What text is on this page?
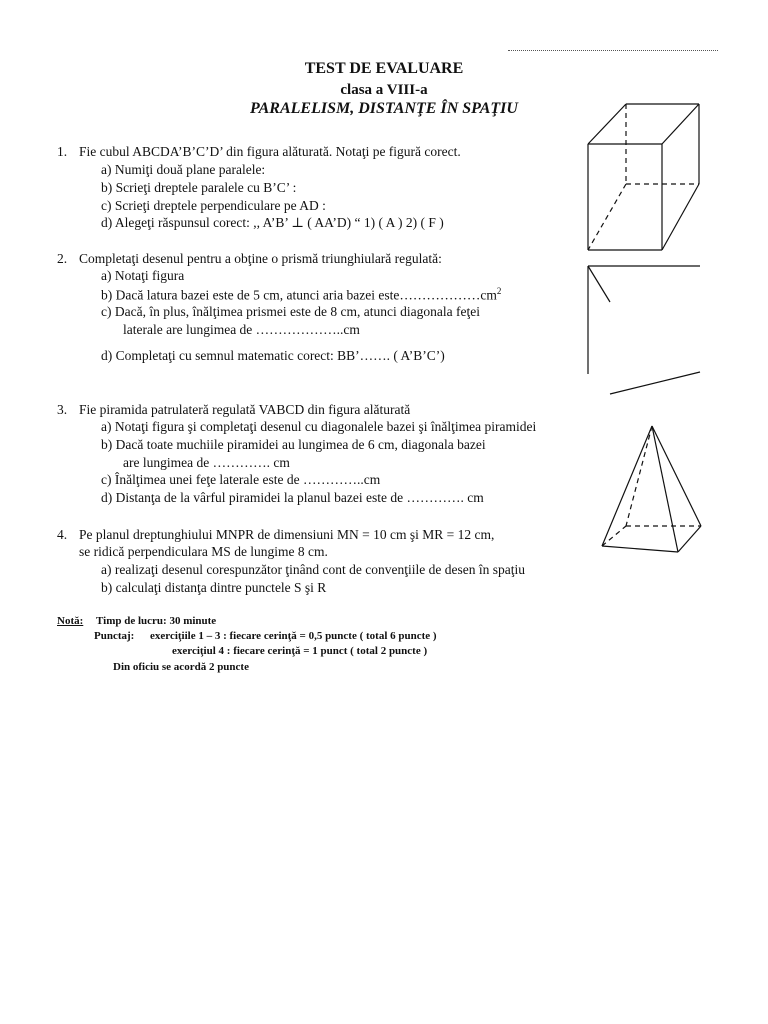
TEST DE EVALUARE
clasa a VIII-a
PARALELISM, DISTANŢE ÎN SPAŢIU
1. Fie cubul ABCDA’B’C’D’ din figura alăturată. Notaţi pe figură corect.
a) Numiţi două plane paralele:
b) Scrieţi dreptele paralele cu B’C’ :
c) Scrieţi dreptele perpendiculare pe AD :
d) Alegeţi răspunsul corect: ,, A’B’ ⊥ ( AA’D) “ 1) ( A ) 2) ( F )
2. Completaţi desenul pentru a obţine o prismă triunghiulară regulată:
a) Notaţi figura
b) Dacă latura bazei este de 5 cm, atunci aria bazei $este\dots\dots\dots\dots\dots\dots cm^2$
c) Dacă, în plus, înălţimea prismei este de 8 cm, atunci diagonala feţei
laterale are lungimea de ………………..cm
d) Completaţi cu semnul matematic corect: BB’……. ( A’B’C’)
3. Fie piramida patrulateră regulată VABCD din figura alăturată
a) Notaţi figura şi completaţi desenul cu diagonalele bazei şi înălţimea piramidei
b) Dacă toate muchiile piramidei au lungimea de 6 cm, diagonala bazei
are lungimea de …………. cm
c) Înălţimea unei feţe laterale este de …………..cm
d) Distanţa de la vârful piramidei la planul bazei este de …………. cm
4. Pe planul dreptunghiului MNPR de dimensiuni MN = 10 cm şi MR = 12 cm,
se ridică perpendiculara MS de lungime 8 cm.
a) realizaţi desenul corespunzător ţinând cont de convenţiile de desen în spaţiu
b) calculaţi distanţa dintre punctele S şi R
Notă: Timp de lucru: 30 minute
Punctaj: exerciţiile 1 – 3 : fiecare cerinţă = 0,5 puncte ( total 6 puncte )
exerciţiul 4 : fiecare cerinţă = 1 punct ( total 2 puncte )
Din oficiu se acordă 2 puncte
